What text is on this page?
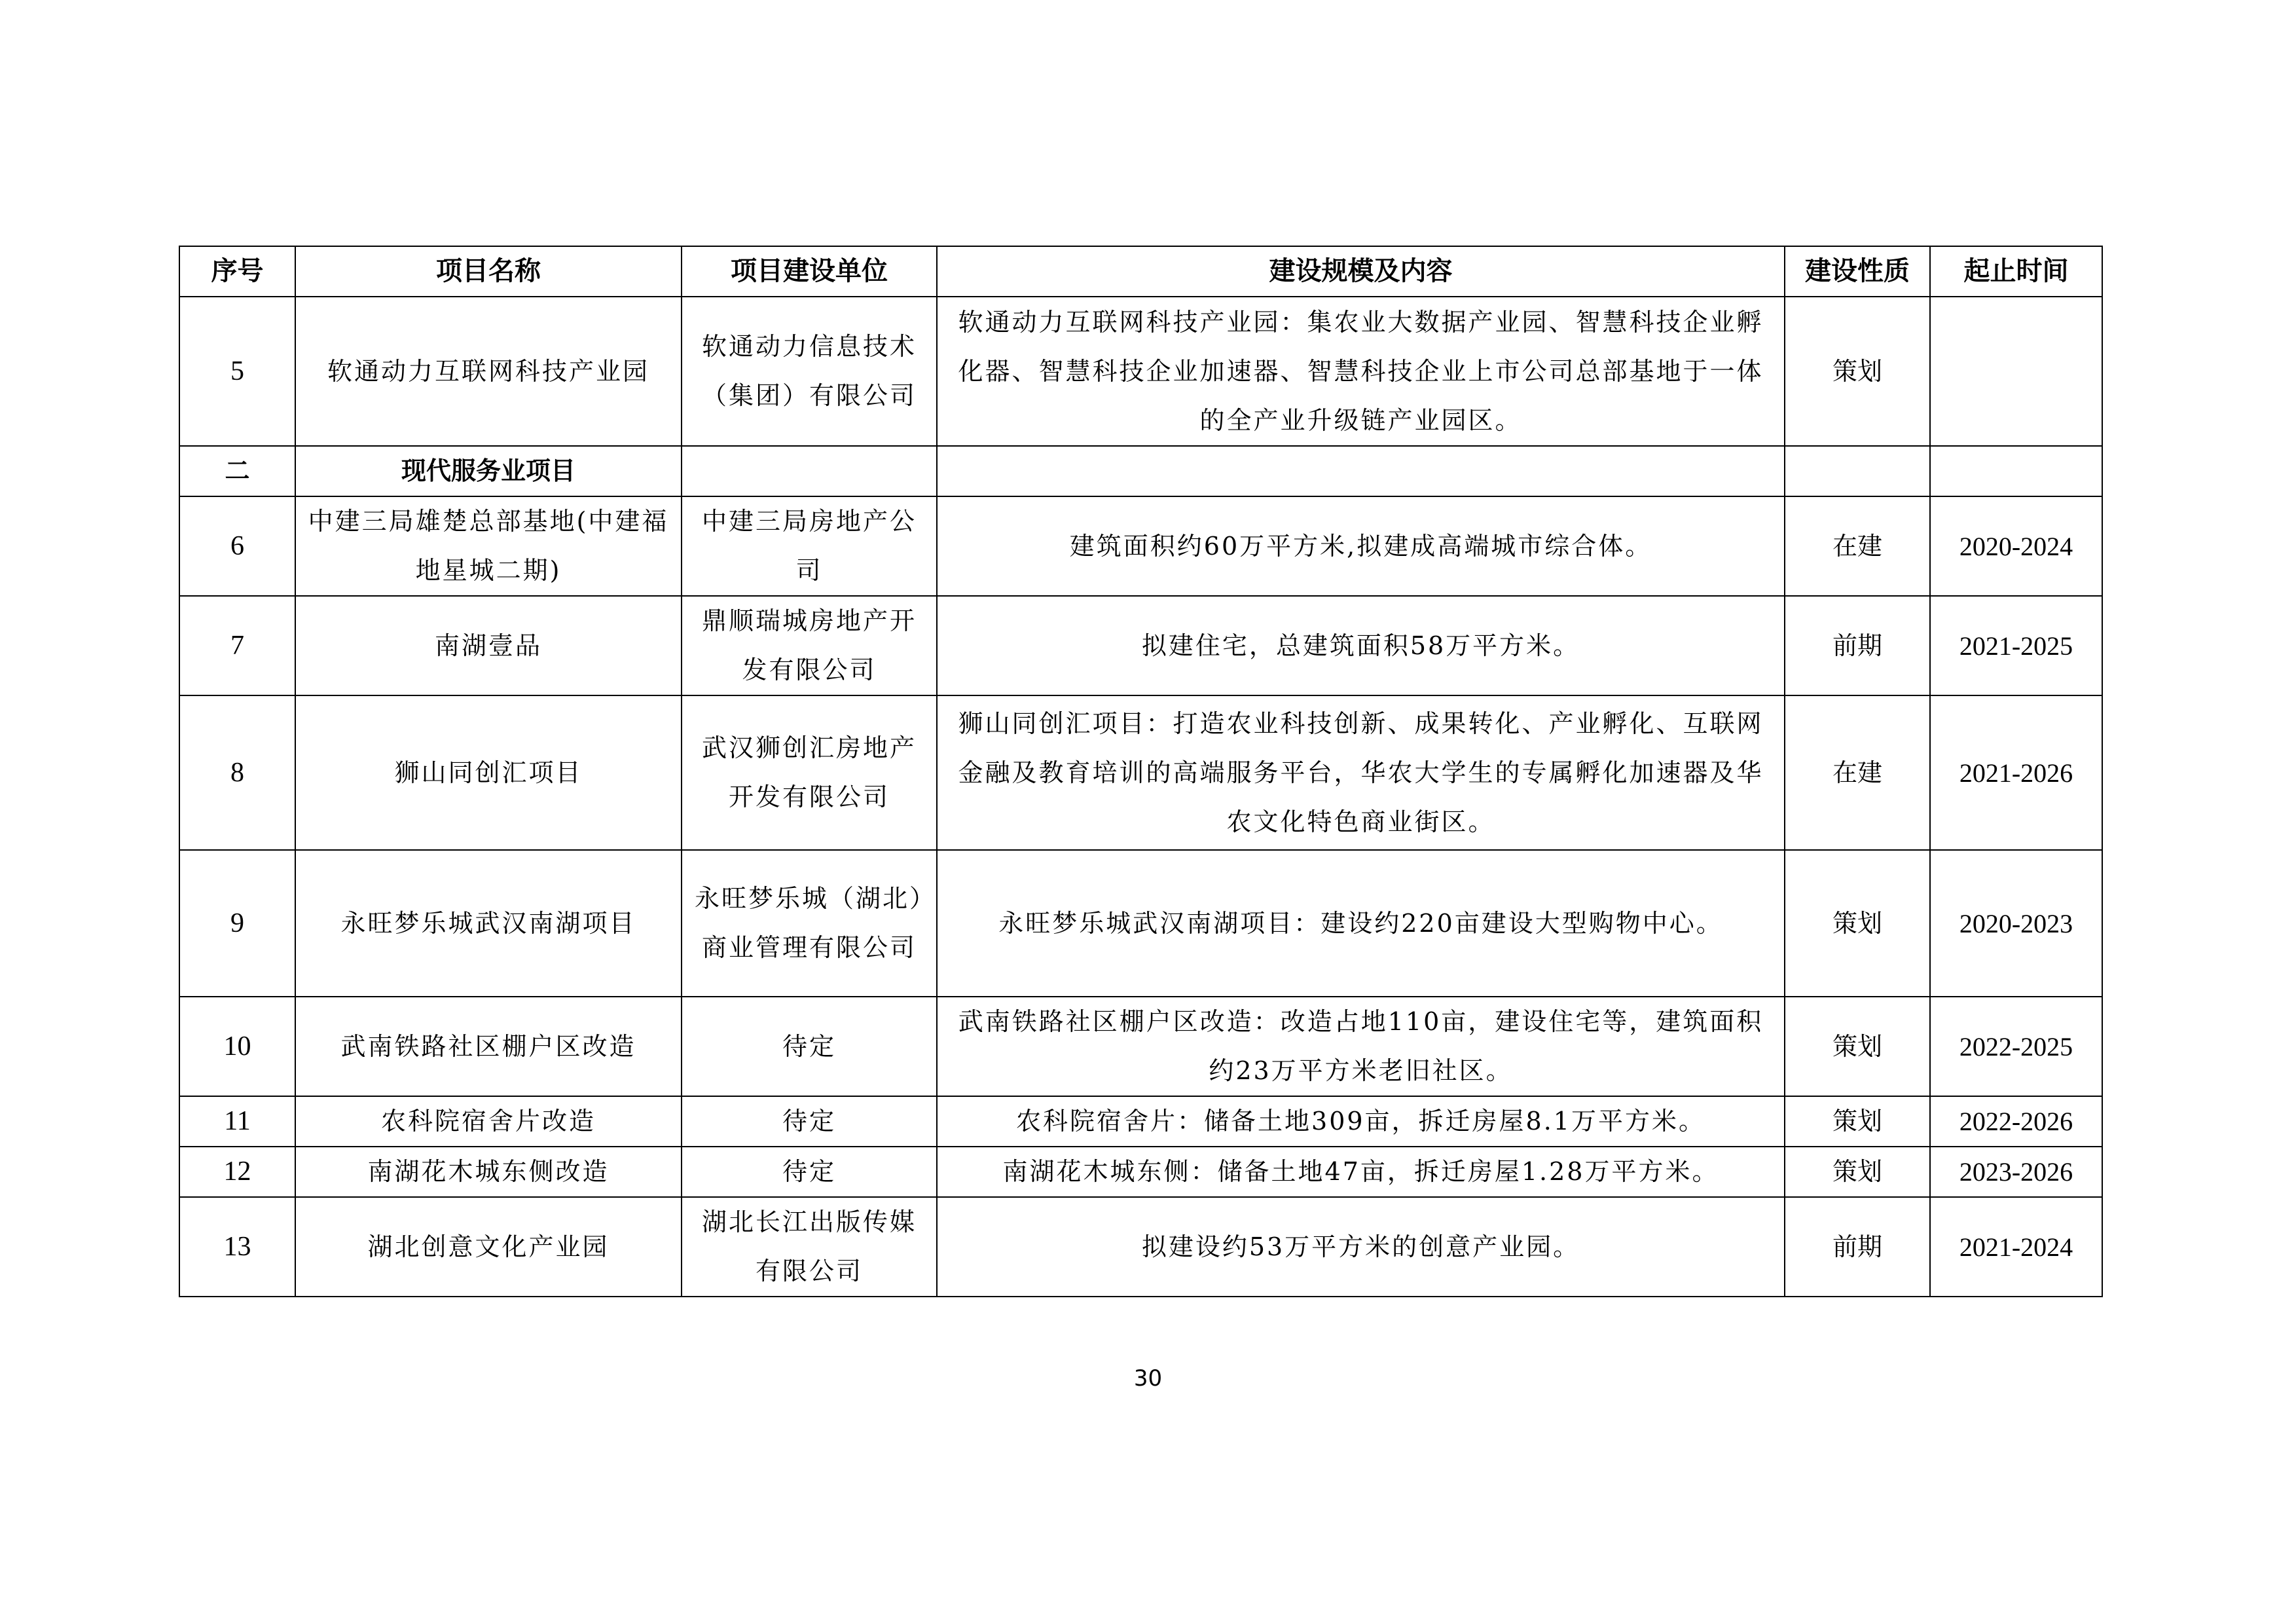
序号	项目名称	项目建设单位	建设规模及内容	建设性质	起止时间
5	软通动力互联网科技产业园	软通动力信息技术（集团）有限公司	软通动力互联网科技产业园：集农业大数据产业园、智慧科技企业孵化器、智慧科技企业加速器、智慧科技企业上市公司总部基地于一体的全产业升级链产业园区。	策划	
二	现代服务业项目				
6	中建三局雄楚总部基地(中建福地星城二期)	中建三局房地产公司	建筑面积约60万平方米,拟建成高端城市综合体。	在建	2020-2024
7	南湖壹品	鼎顺瑞城房地产开发有限公司	拟建住宅，总建筑面积58万平方米。	前期	2021-2025
8	狮山同创汇项目	武汉狮创汇房地产开发有限公司	狮山同创汇项目：打造农业科技创新、成果转化、产业孵化、互联网金融及教育培训的高端服务平台，华农大学生的专属孵化加速器及华农文化特色商业街区。	在建	2021-2026
9	永旺梦乐城武汉南湖项目	永旺梦乐城（湖北）商业管理有限公司	永旺梦乐城武汉南湖项目：建设约220亩建设大型购物中心。	策划	2020-2023
10	武南铁路社区棚户区改造	待定	武南铁路社区棚户区改造：改造占地110亩，建设住宅等，建筑面积约23万平方米老旧社区。	策划	2022-2025
11	农科院宿舍片改造	待定	农科院宿舍片：储备土地309亩，拆迁房屋8.1万平方米。	策划	2022-2026
12	南湖花木城东侧改造	待定	南湖花木城东侧：储备土地47亩，拆迁房屋1.28万平方米。	策划	2023-2026
13	湖北创意文化产业园	湖北长江出版传媒有限公司	拟建设约53万平方米的创意产业园。	前期	2021-2024
30
